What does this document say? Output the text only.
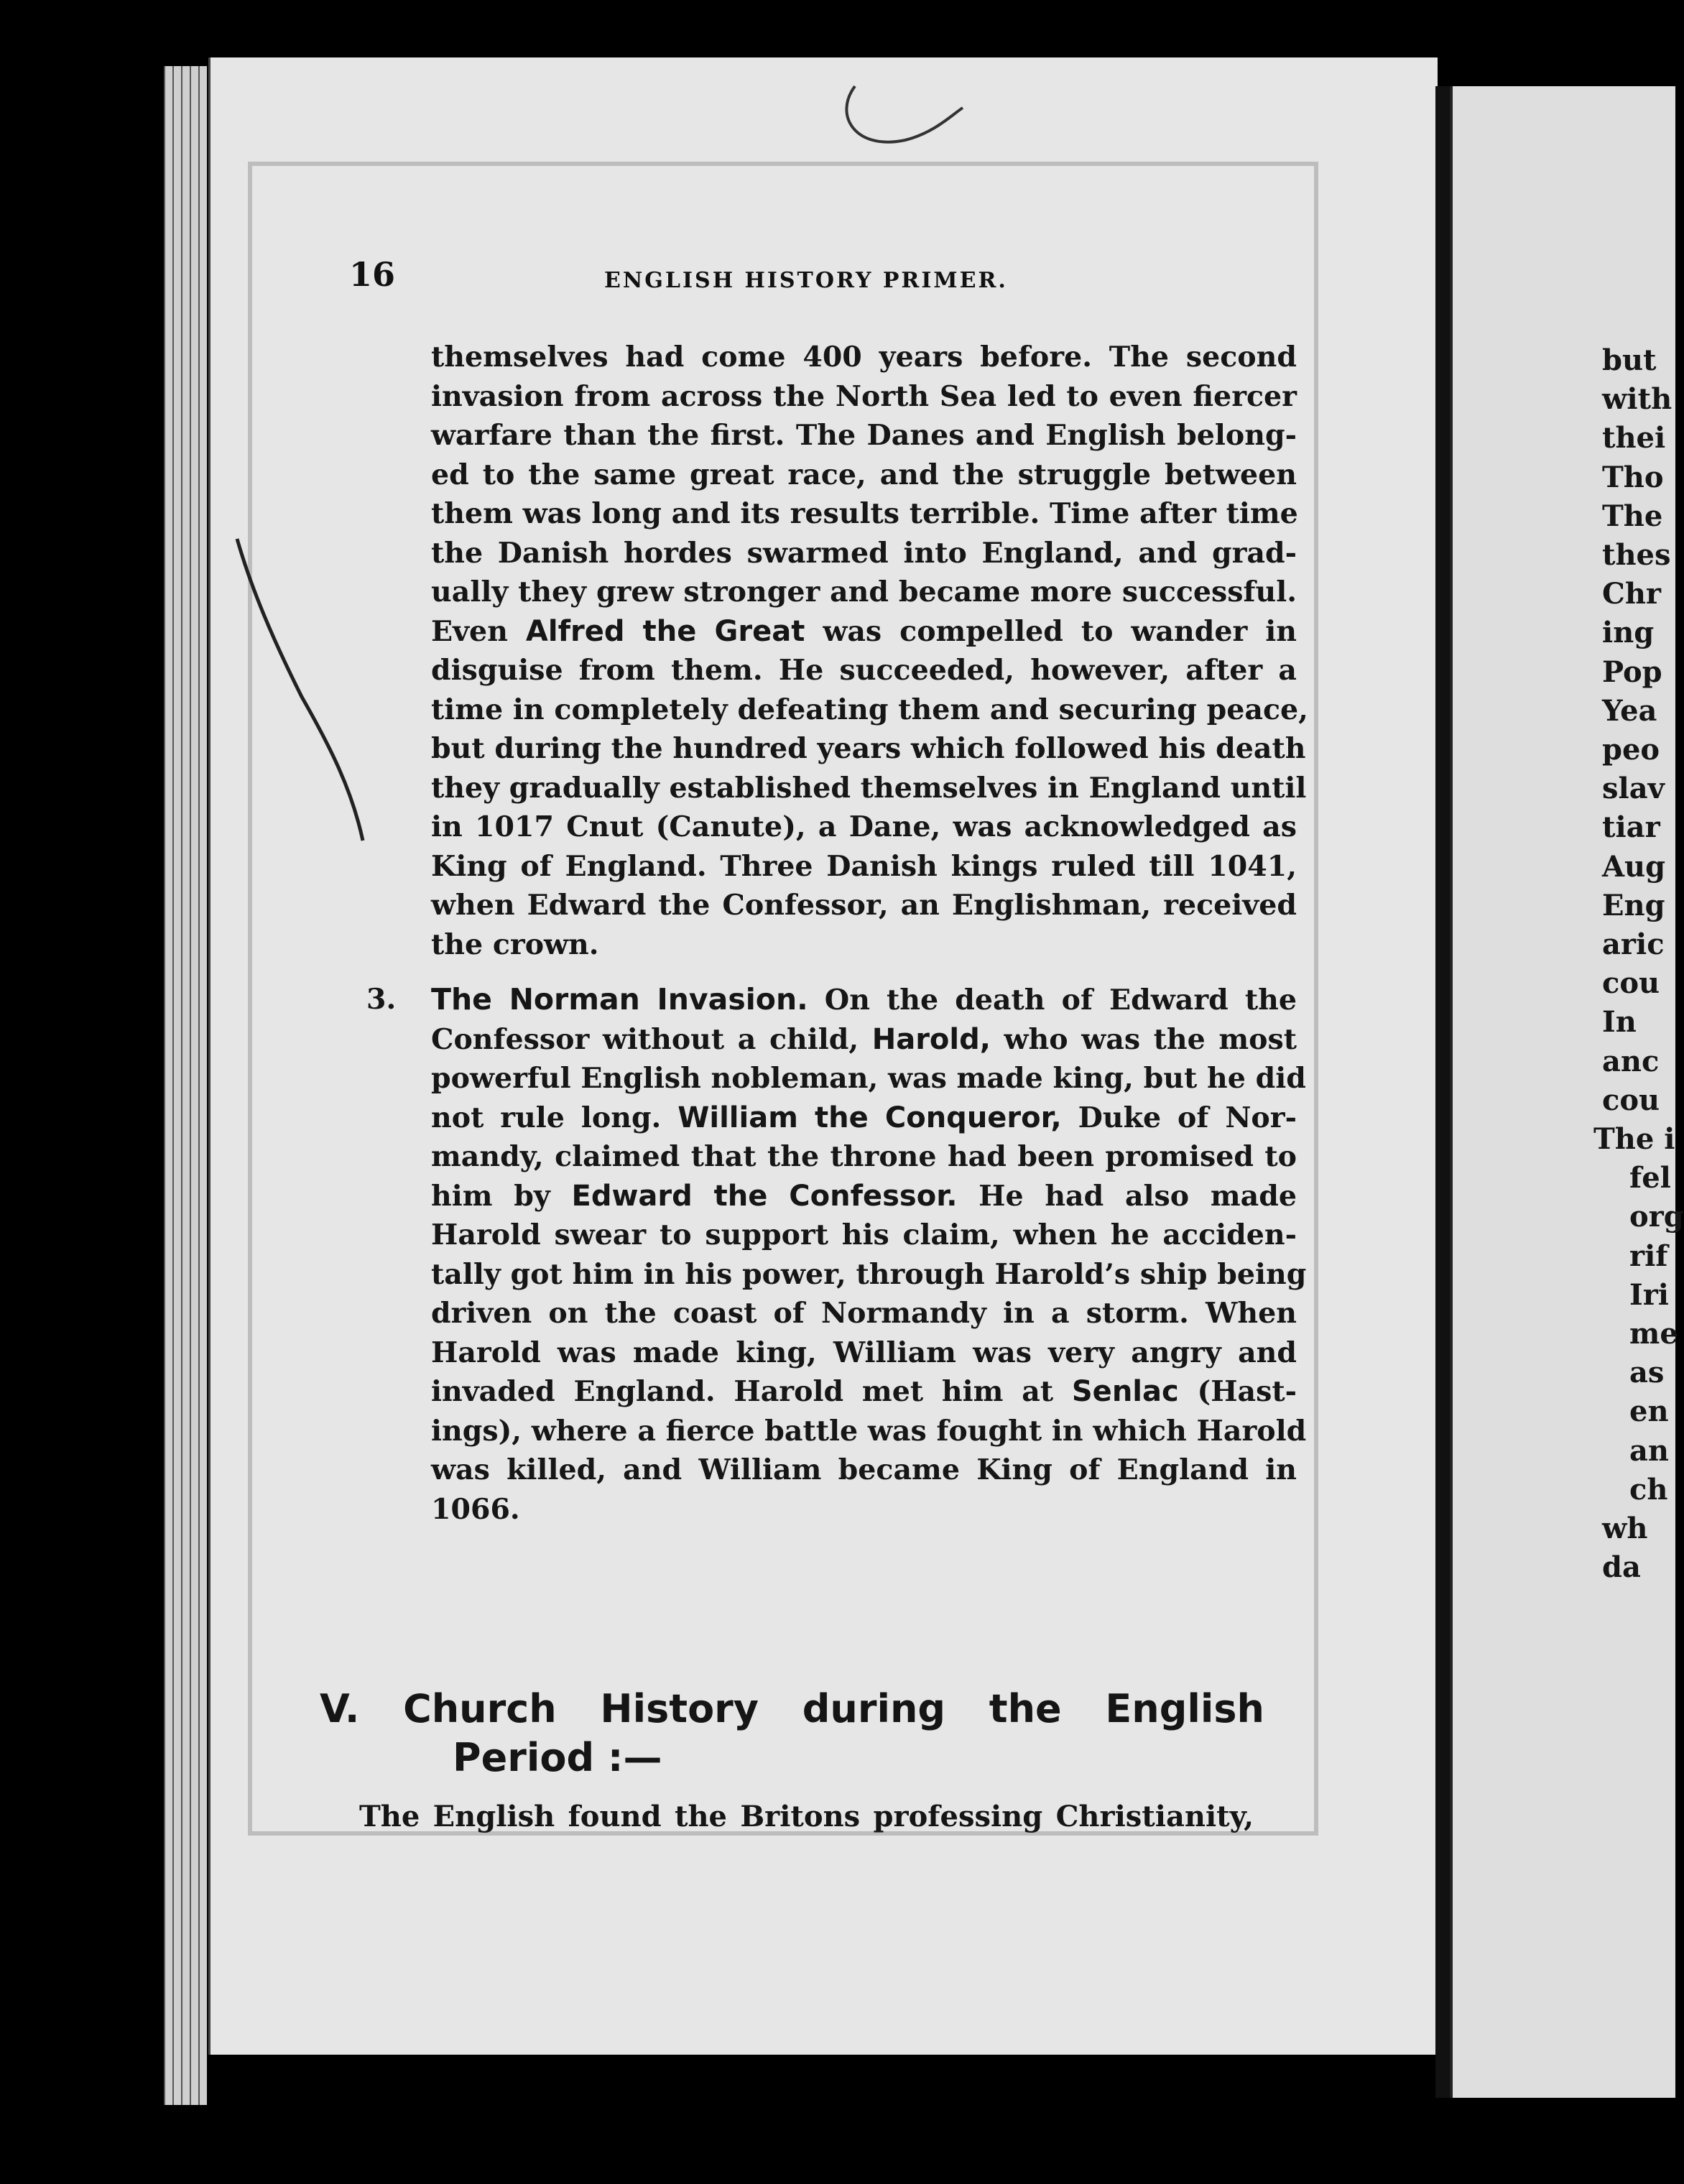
16	ENGLISH HISTORY PRIMER.
themselves had come 400 years before. The second
invasion from across the North Sea led to even fiercer
warfare than the first. The Danes and English belong-
ed to the same great race, and the struggle between
them was long and its results terrible. Time after time
the Danish hordes swarmed into England, and grad-
ually they grew stronger and became more successful.
Even Alfred the Great was compelled to wander in
disguise from them. He succeeded, however, after a
time in completely defeating them and securing peace,
but during the hundred years which followed his death
they gradually established themselves in England until
in 1017 Cnut (Canute), a Dane, was acknowledged as
King of England. Three Danish kings ruled till 1041,
when Edward the Confessor, an Englishman, received
the crown.
3. The Norman Invasion. On the death of Edward the
Confessor without a child, Harold, who was the most
powerful English nobleman, was made king, but he did
not rule long. William the Conqueror, Duke of Nor-
mandy, claimed that the throne had been promised to
him by Edward the Confessor. He had also made
Harold swear to support his claim, when he acciden-
tally got him in his power, through Harold’s ship being
driven on the coast of Normandy in a storm. When
Harold was made king, William was very angry and
invaded England. Harold met him at Senlac (Hast-
ings), where a fierce battle was fought in which Harold
was killed, and William became King of England in
1066.
V. Church History during the English
Period :—
The English found the Britons professing Christianity,
but
with
thei
Tho
The
thes
Chr
ing
Pop
Yea
peo
slav
tiar
Aug
Eng
aric
cou
In
anc
cou
The i
fel
org
rif
Iri
me
as
en
an
ch
wh
da
